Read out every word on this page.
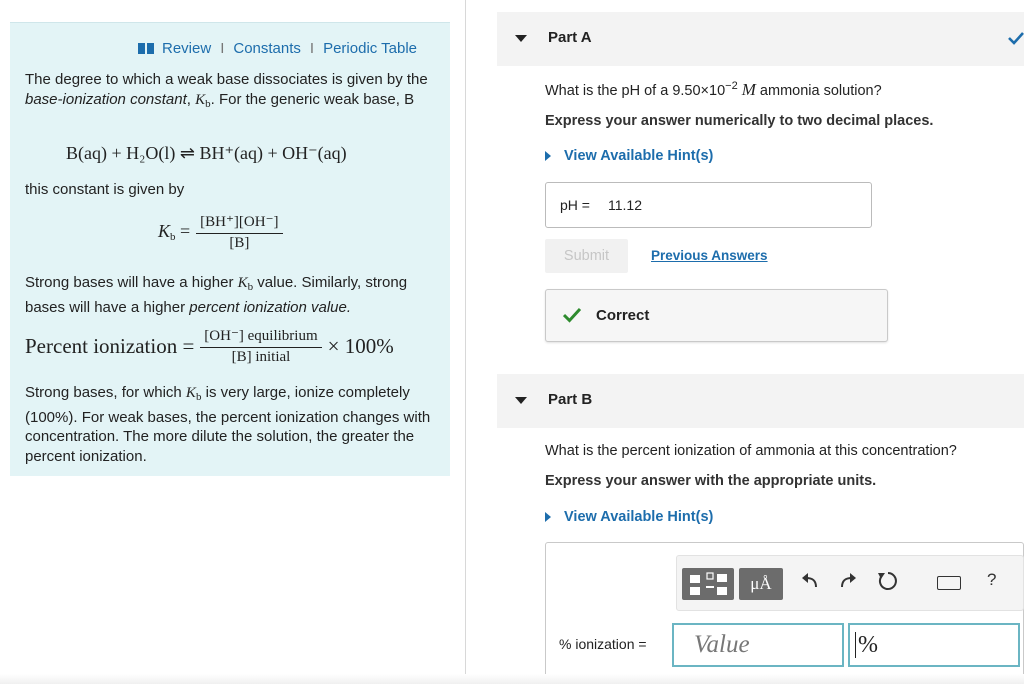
Review I Constants I Periodic Table
The degree to which a weak base dissociates is given by the base-ionization constant, $K_b$. For the generic weak base, B
B(aq) + H₂O(l) ⇌ BH⁺(aq) + OH⁻(aq)
this constant is given by
$K_b = \frac{[BH^+][OH^-]}{[B]}$
Strong bases will have a higher $K_b$ value. Similarly, strong bases will have a higher percent ionization value.
Percent ionization = $\frac{\text{[OH⁻] equilibrium}}{\text{[B] initial}} \times 100\%$
Strong bases, for which $K_b$ is very large, ionize completely (100%). For weak bases, the percent ionization changes with concentration. The more dilute the solution, the greater the percent ionization.
Part A
What is the pH of a $9.50\times 10^{-2}$ M ammonia solution?
Express your answer numerically to two decimal places.
View Available Hint(s)
pH = 11.12
Submit	Previous Answers
Correct
Part B
What is the percent ionization of ammonia at this concentration?
Express your answer with the appropriate units.
View Available Hint(s)
μÅ	?
% ionization =	Value	%
